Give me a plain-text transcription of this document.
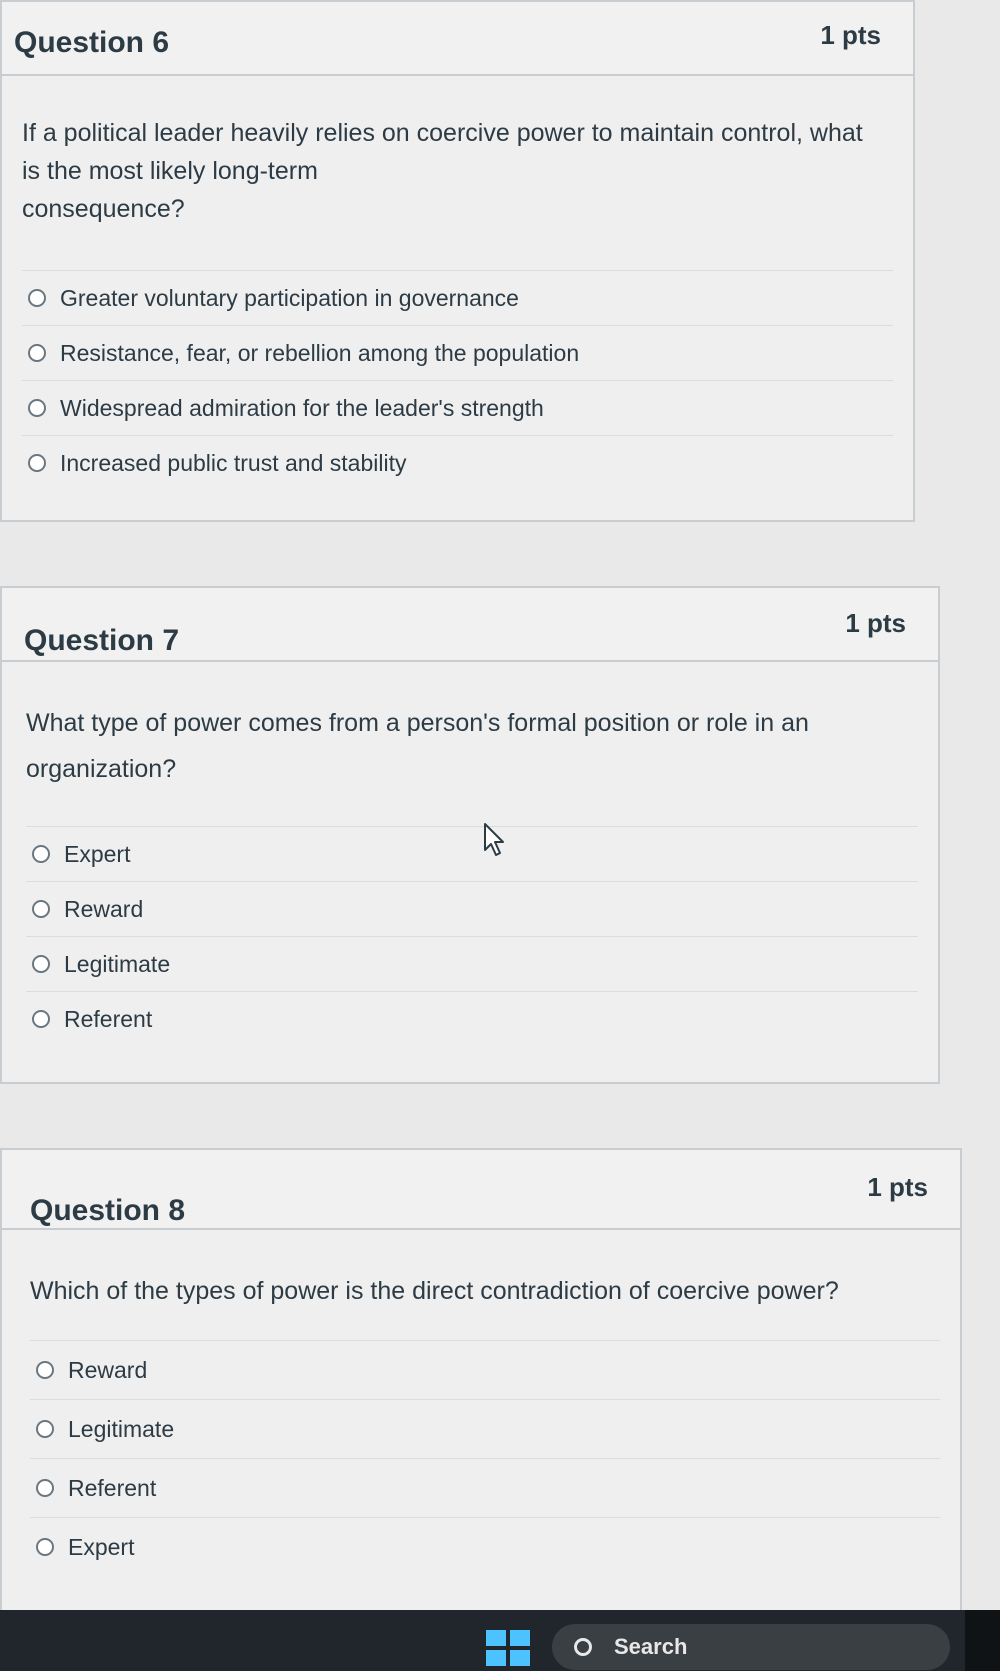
Question 6	1 pts
If a political leader heavily relies on coercive power to maintain control, what
is the most likely long-term
consequence?
Greater voluntary participation in governance
Resistance, fear, or rebellion among the population
Widespread admiration for the leader's strength
Increased public trust and stability
Question 7
1 pts
What type of power comes from a person's formal position or role in an
organization?
Expert
Reward
Legitimate
Referent
Question 8
1 pts
Which of the types of power is the direct contradiction of coercive power?
Reward
Legitimate
Referent
Expert
Search
